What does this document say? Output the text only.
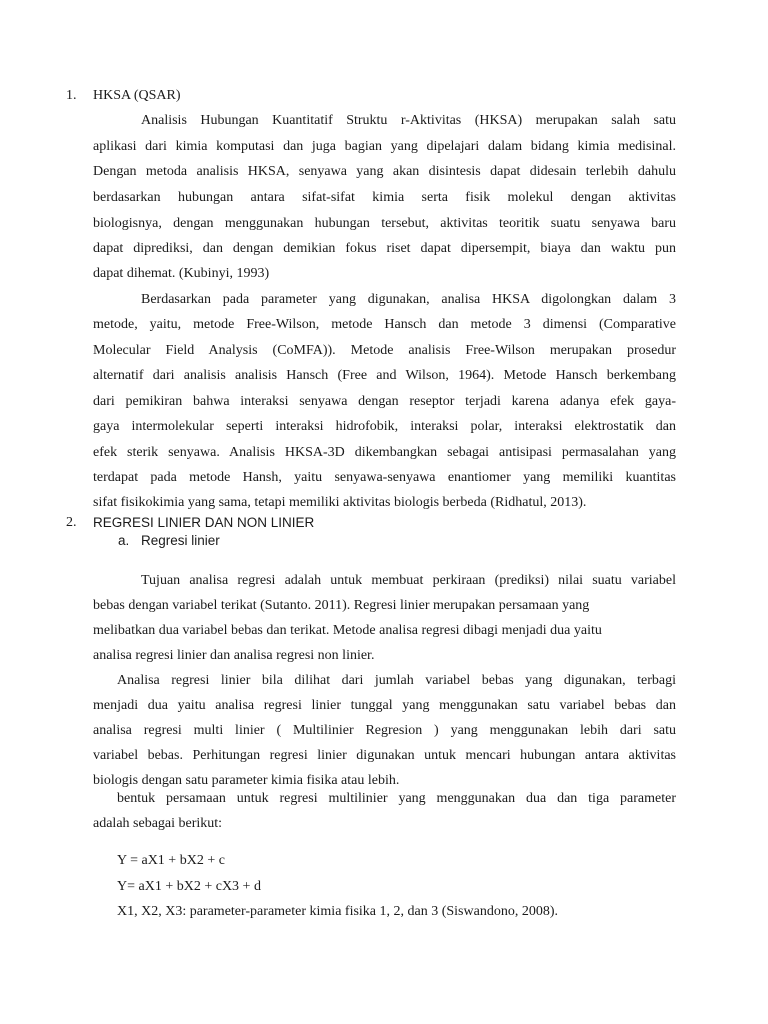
1. HKSA (QSAR)
Analisis Hubungan Kuantitatif Struktu r-Aktivitas (HKSA) merupakan salah satu
aplikasi dari kimia komputasi dan juga bagian yang dipelajari dalam bidang kimia medisinal.
Dengan metoda analisis HKSA, senyawa yang akan disintesis dapat didesain terlebih dahulu
berdasarkan hubungan antara sifat-sifat kimia serta fisik molekul dengan aktivitas
biologisnya, dengan menggunakan hubungan tersebut, aktivitas teoritik suatu senyawa baru
dapat diprediksi, dan dengan demikian fokus riset dapat dipersempit, biaya dan waktu pun
dapat dihemat. (Kubinyi, 1993)
Berdasarkan pada parameter yang digunakan, analisa HKSA digolongkan dalam 3
metode, yaitu, metode Free-Wilson, metode Hansch dan metode 3 dimensi (Comparative
Molecular Field Analysis (CoMFA)). Metode analisis Free-Wilson merupakan prosedur
alternatif dari analisis analisis Hansch (Free and Wilson, 1964). Metode Hansch berkembang
dari pemikiran bahwa interaksi senyawa dengan reseptor terjadi karena adanya efek gaya-
gaya intermolekular seperti interaksi hidrofobik, interaksi polar, interaksi elektrostatik dan
efek sterik senyawa. Analisis HKSA-3D dikembangkan sebagai antisipasi permasalahan yang
terdapat pada metode Hansh, yaitu senyawa-senyawa enantiomer yang memiliki kuantitas
sifat fisikokimia yang sama, tetapi memiliki aktivitas biologis berbeda (Ridhatul, 2013).
2. REGRESI LINIER DAN NON LINIER
a. Regresi linier
Tujuan analisa regresi adalah untuk membuat perkiraan (prediksi) nilai suatu variabel
bebas dengan variabel terikat (Sutanto. 2011). Regresi linier merupakan persamaan yang
melibatkan dua variabel bebas dan terikat. Metode analisa regresi dibagi menjadi dua yaitu
analisa regresi linier dan analisa regresi non linier.
Analisa regresi linier bila dilihat dari jumlah variabel bebas yang digunakan, terbagi
menjadi dua yaitu analisa regresi linier tunggal yang menggunakan satu variabel bebas dan
analisa regresi multi linier ( Multilinier Regresion ) yang menggunakan lebih dari satu
variabel bebas. Perhitungan regresi linier digunakan untuk mencari hubungan antara aktivitas
biologis dengan satu parameter kimia fisika atau lebih.
bentuk persamaan untuk regresi multilinier yang menggunakan dua dan tiga parameter
adalah sebagai berikut:
Y = aX1 + bX2 + c
Y= aX1 + bX2 + cX3 + d
X1, X2, X3: parameter-parameter kimia fisika 1, 2, dan 3 (Siswandono, 2008).
